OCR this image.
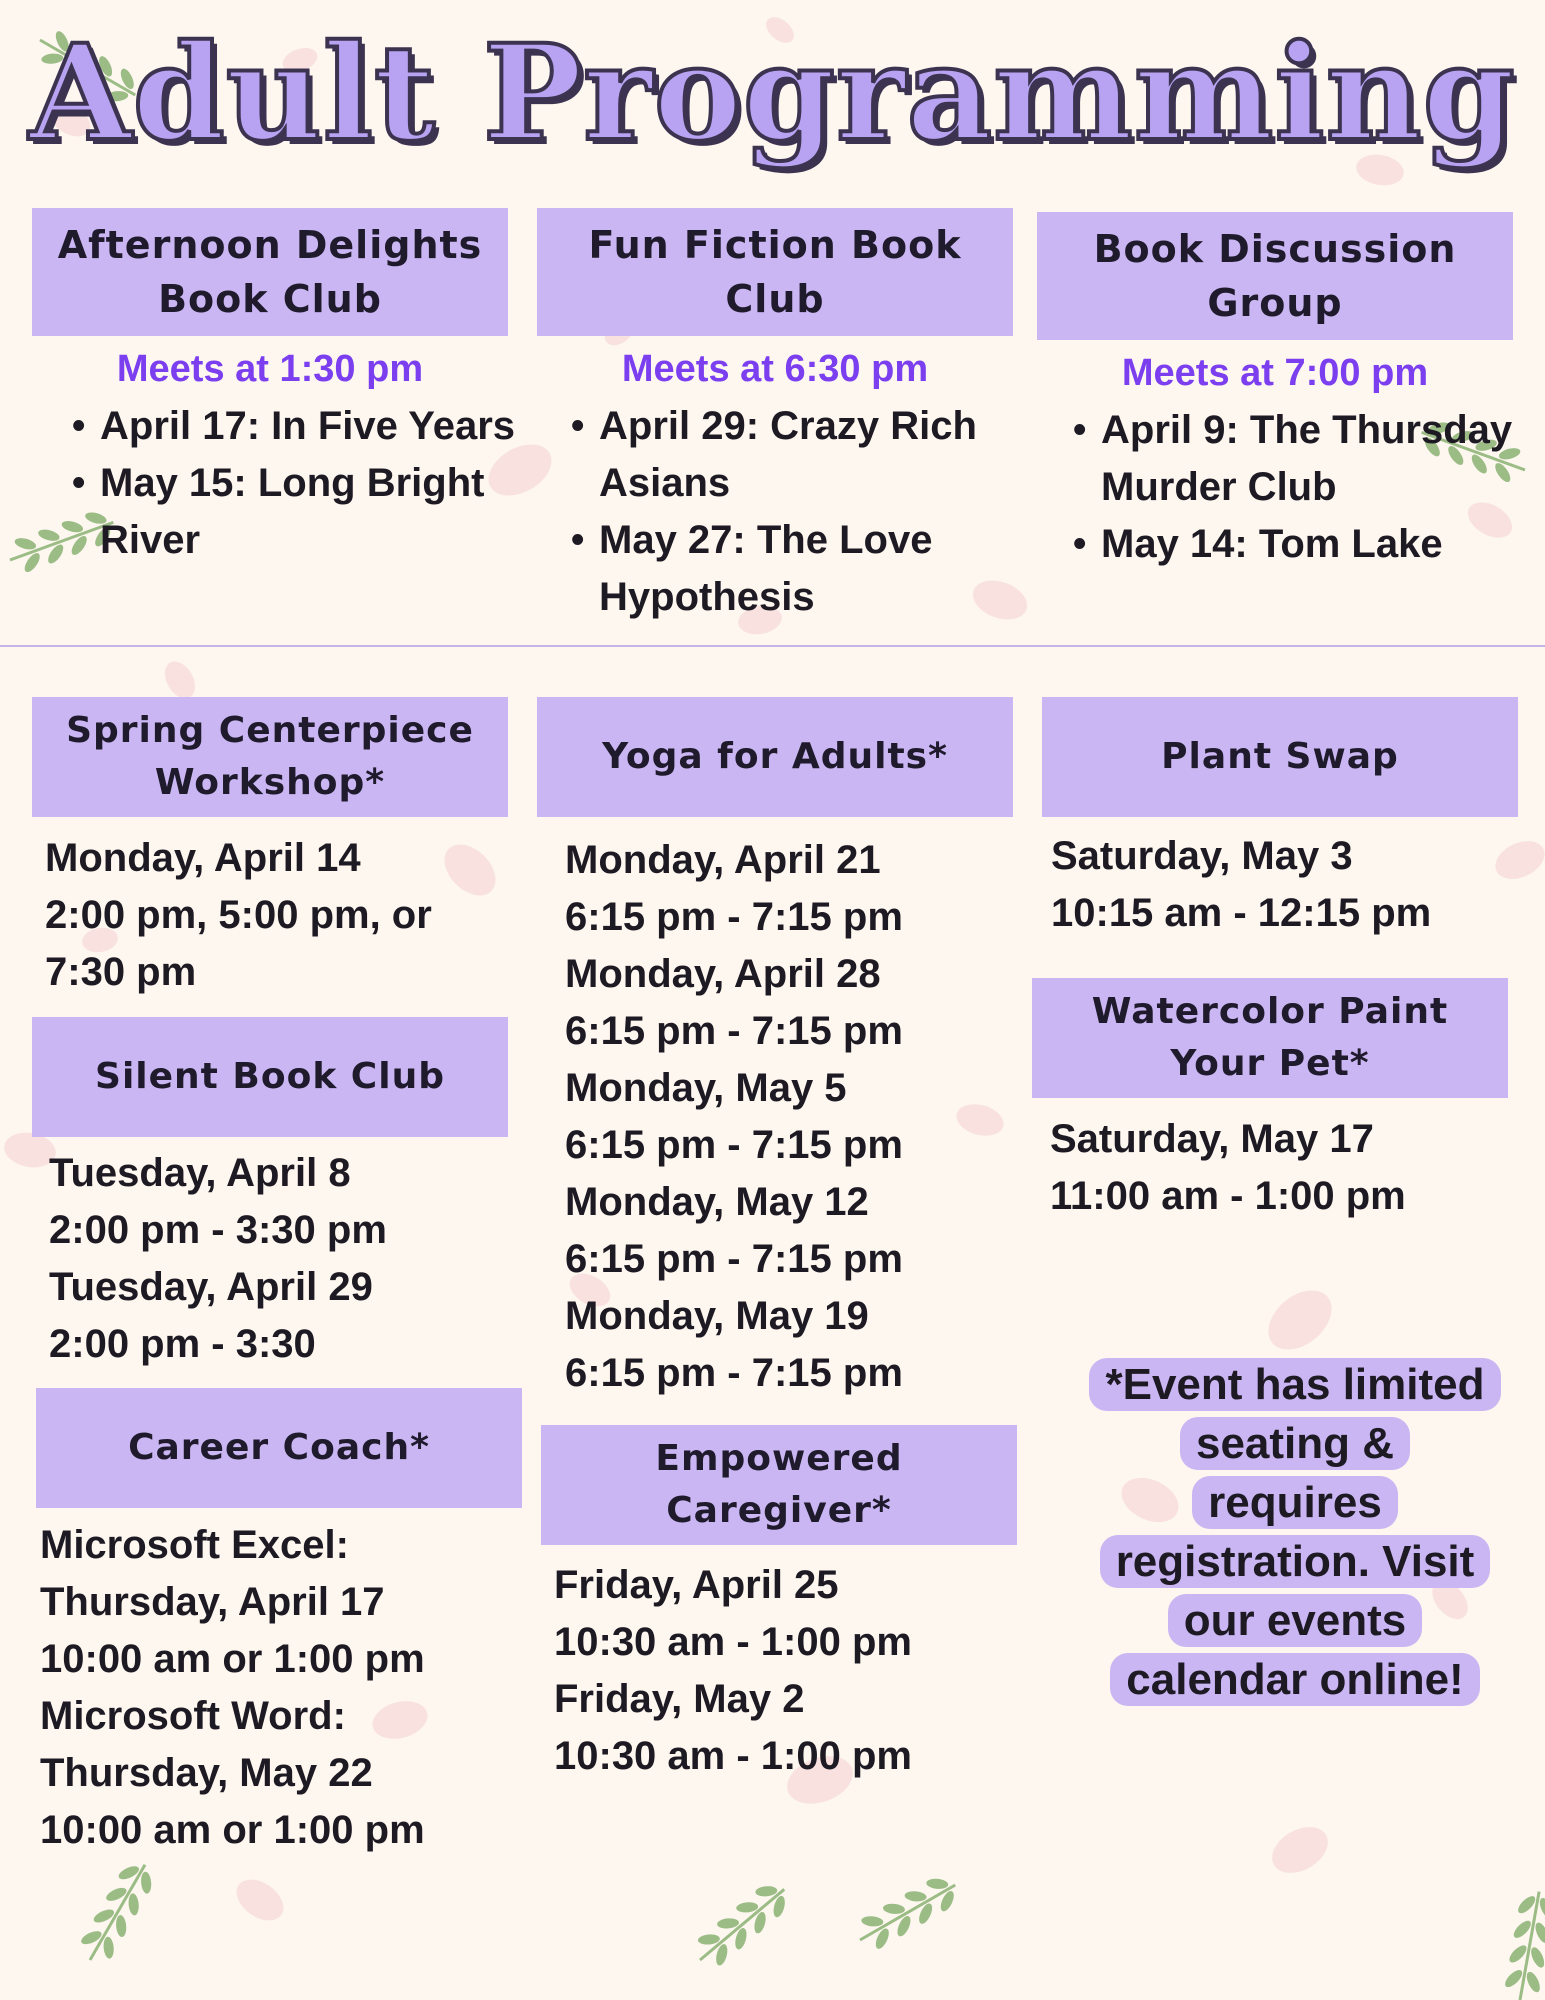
Adult Programming
Afternoon Delights Book Club

Meets at 1:30 pm

• April 17: In Five Years
• May 15: Long Bright River
Fun Fiction Book Club

Meets at 6:30 pm

• April 29: Crazy Rich Asians
• May 27: The Love Hypothesis
Book Discussion Group

Meets at 7:00 pm

• April 9: The Thursday Murder Club
• May 14: Tom Lake
Spring Centerpiece Workshop*
Monday, April 14
2:00 pm, 5:00 pm, or
7:30 pm
Silent Book Club
Tuesday, April 8
2:00 pm - 3:30 pm
Tuesday, April 29
2:00 pm - 3:30
Career Coach*
Microsoft Excel:
Thursday, April 17
10:00 am or 1:00 pm
Microsoft Word:
Thursday, May 22
10:00 am or 1:00 pm
Yoga for Adults*
Monday, April 21
6:15 pm - 7:15 pm
Monday, April 28
6:15 pm - 7:15 pm
Monday, May 5
6:15 pm - 7:15 pm
Monday, May 12
6:15 pm - 7:15 pm
Monday, May 19
6:15 pm - 7:15 pm
Empowered Caregiver*
Friday, April 25
10:30 am - 1:00 pm
Friday, May 2
10:30 am - 1:00 pm
Plant Swap
Saturday, May 3
10:15 am - 12:15 pm
Watercolor Paint Your Pet*
Saturday, May 17
11:00 am - 1:00 pm

*Event has limited
seating &
requires
registration. Visit
our events
calendar online!
